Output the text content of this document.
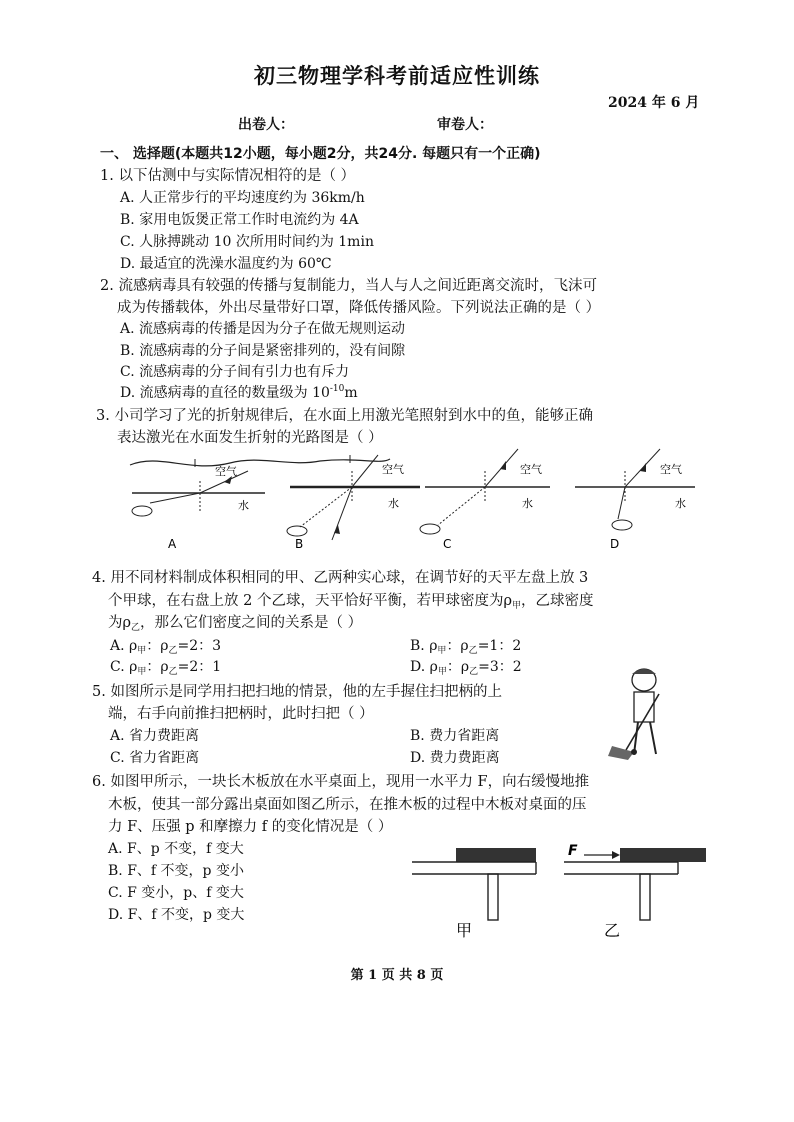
初三物理学科考前适应性训练
2024 年 6 月
出卷人：	审卷人：
一、 选择题(本题共12小题，每小题2分，共24分. 每题只有一个正确)
1. 以下估测中与实际情况相符的是（ ）
A. 人正常步行的平均速度约为 36km/h
B. 家用电饭煲正常工作时电流约为 4A
C. 人脉搏跳动 10 次所用时间约为 1min
D. 最适宜的洗澡水温度约为 60℃
2. 流感病毒具有较强的传播与复制能力，当人与人之间近距离交流时，飞沫可
成为传播载体，外出尽量带好口罩，降低传播风险。下列说法正确的是（ ）
A. 流感病毒的传播是因为分子在做无规则运动
B. 流感病毒的分子间是紧密排列的，没有间隙
C. 流感病毒的分子间有引力也有斥力
D. 流感病毒的直径的数量级为 $10^{-10}m$
3. 小司学习了光的折射规律后，在水面上用激光笔照射到水中的鱼，能够正确
表达激光在水面发生折射的光路图是（ ）
空气
水
A
空气
水
B
空气
水
C
空气
水
D
4. 用不同材料制成体积相同的甲、乙两种实心球，在调节好的天平左盘上放 3
个甲球，在右盘上放 2 个乙球，天平恰好平衡，若甲球密度为$\rho_甲$，乙球密度
为$\rho_乙$，那么它们密度之间的关系是（ ）
A. $\rho_甲$：$\rho_乙=2$：3	B. $\rho_甲$：$\rho_乙=1$：2
C. $\rho_甲$：$\rho_乙=2$：1	D. $\rho_甲$：$\rho_乙=3$：2
5. 如图所示是同学用扫把扫地的情景，他的左手握住扫把柄的上
端，右手向前推扫把柄时，此时扫把（ ）
A. 省力费距离	B. 费力省距离
C. 省力省距离	D. 费力费距离
6. 如图甲所示，一块长木板放在水平桌面上，现用一水平力 F，向右缓慢地推
木板，使其一部分露出桌面如图乙所示，在推木板的过程中木板对桌面的压
力 F、压强 p 和摩擦力 f 的变化情况是（ ）
A. F、p 不变，f 变大
B. F、f 不变，p 变小
C. F 变小，p、f 变大
D. F、f 不变，p 变大
甲
F
乙
第 1 页 共 8 页
